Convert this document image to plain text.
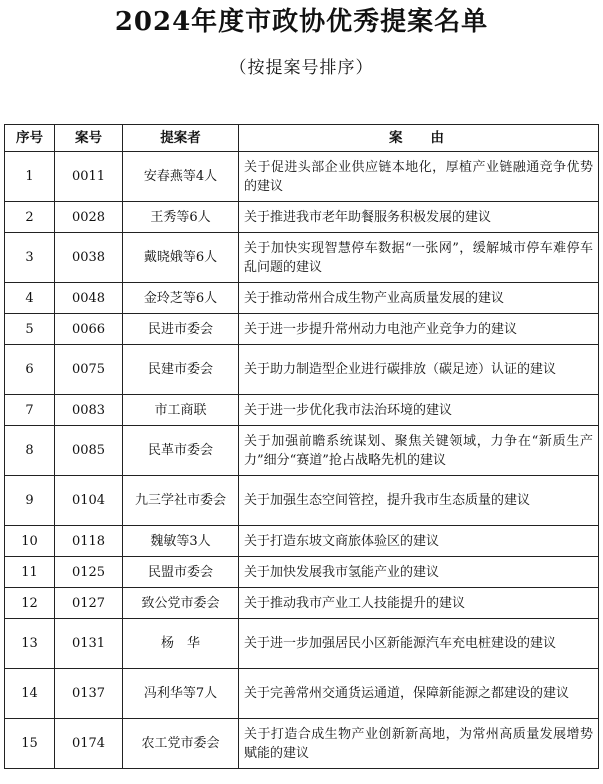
2024年度市政协优秀提案名单
（按提案号排序）
序号	案号	提案者	案由
1	0011	安春燕等4人	关于促进头部企业供应链本地化，厚植产业链融通竞争优势的建议
2	0028	王秀等6人	关于推进我市老年助餐服务积极发展的建议
3	0038	戴晓娥等6人	关于加快实现智慧停车数据“一张网”，缓解城市停车难停车乱问题的建议
4	0048	金玲芝等6人	关于推动常州合成生物产业高质量发展的建议
5	0066	民进市委会	关于进一步提升常州动力电池产业竞争力的建议
6	0075	民建市委会	关于助力制造型企业进行碳排放（碳足迹）认证的建议
7	0083	市工商联	关于进一步优化我市法治环境的建议
8	0085	民革市委会	关于加强前瞻系统谋划、聚焦关键领域，力争在“新质生产力”细分“赛道”抢占战略先机的建议
9	0104	九三学社市委会	关于加强生态空间管控，提升我市生态质量的建议
10	0118	魏敏等3人	关于打造东坡文商旅体验区的建议
11	0125	民盟市委会	关于加快发展我市氢能产业的建议
12	0127	致公党市委会	关于推动我市产业工人技能提升的建议
13	0131	杨　华	关于进一步加强居民小区新能源汽车充电桩建设的建议
14	0137	冯利华等7人	关于完善常州交通货运通道，保障新能源之都建设的建议
15	0174	农工党市委会	关于打造合成生物产业创新新高地，为常州高质量发展增势赋能的建议
